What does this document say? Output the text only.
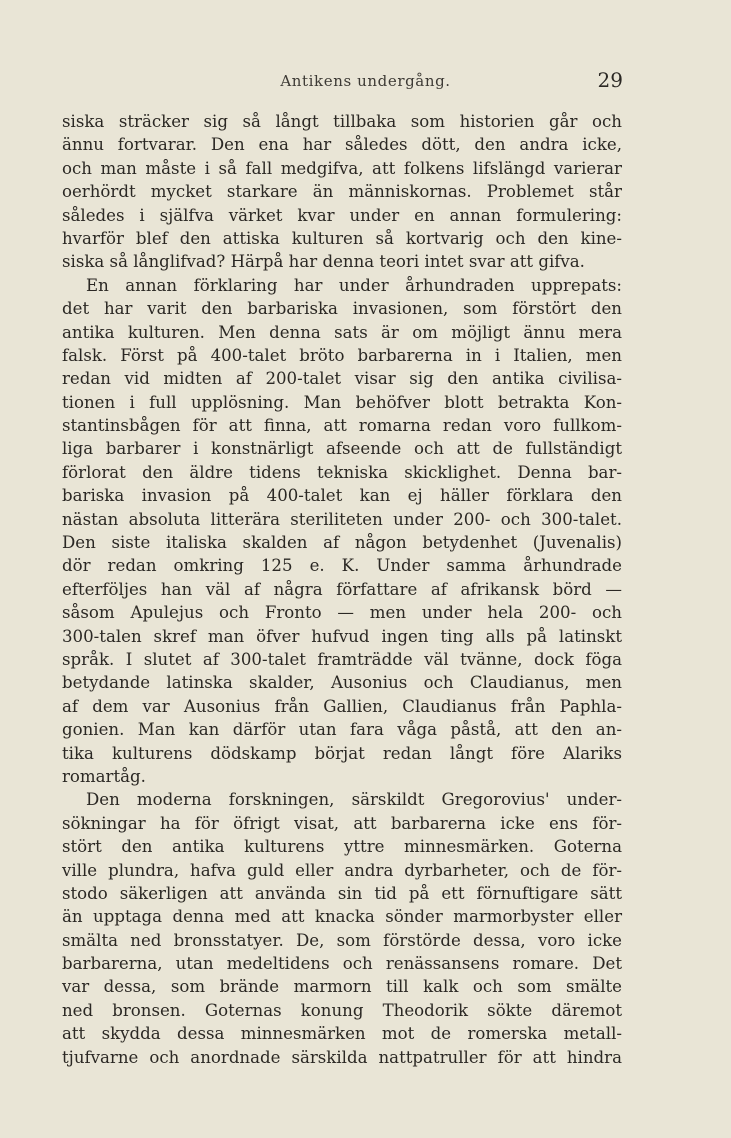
Antikens undergång.	29
siska sträcker sig så långt tillbaka som historien går och
ännu fortvarar. Den ena har således dött, den andra icke,
och man måste i så fall medgifva, att folkens lifslängd varierar
oerhördt mycket starkare än människornas. Problemet står
således i själfva värket kvar under en annan formulering:
hvarför blef den attiska kulturen så kortvarig och den kine-
siska så långlifvad? Härpå har denna teori intet svar att gifva.
En annan förklaring har under århundraden upprepats:
det har varit den barbariska invasionen, som förstört den
antika kulturen. Men denna sats är om möjligt ännu mera
falsk. Först på 400-talet bröto barbarerna in i Italien, men
redan vid midten af 200-talet visar sig den antika civilisa-
tionen i full upplösning. Man behöfver blott betrakta Kon-
stantinsbågen för att finna, att romarna redan voro fullkom-
liga barbarer i konstnärligt afseende och att de fullständigt
förlorat den äldre tidens tekniska skicklighet. Denna bar-
bariska invasion på 400-talet kan ej häller förklara den
nästan absoluta litterära steriliteten under 200- och 300-talet.
Den siste italiska skalden af någon betydenhet (Juvenalis)
dör redan omkring 125 e. K. Under samma århundrade
efterföljes han väl af några författare af afrikansk börd —
såsom Apulejus och Fronto — men under hela 200- och
300-talen skref man öfver hufvud ingen ting alls på latinskt
språk. I slutet af 300-talet framträdde väl tvänne, dock föga
betydande latinska skalder, Ausonius och Claudianus, men
af dem var Ausonius från Gallien, Claudianus från Paphla-
gonien. Man kan därför utan fara våga påstå, att den an-
tika kulturens dödskamp börjat redan långt före Alariks
romartåg.
Den moderna forskningen, särskildt Gregorovius' under-
sökningar ha för öfrigt visat, att barbarerna icke ens för-
stört den antika kulturens yttre minnesmärken. Goterna
ville plundra, hafva guld eller andra dyrbarheter, och de för-
stodo säkerligen att använda sin tid på ett förnuftigare sätt
än upptaga denna med att knacka sönder marmorbyster eller
smälta ned bronsstatyer. De, som förstörde dessa, voro icke
barbarerna, utan medeltidens och renässansens romare. Det
var dessa, som brände marmorn till kalk och som smälte
ned bronsen. Goternas konung Theodorik sökte däremot
att skydda dessa minnesmärken mot de romerska metall-
tjufvarne och anordnade särskilda nattpatruller för att hindra
